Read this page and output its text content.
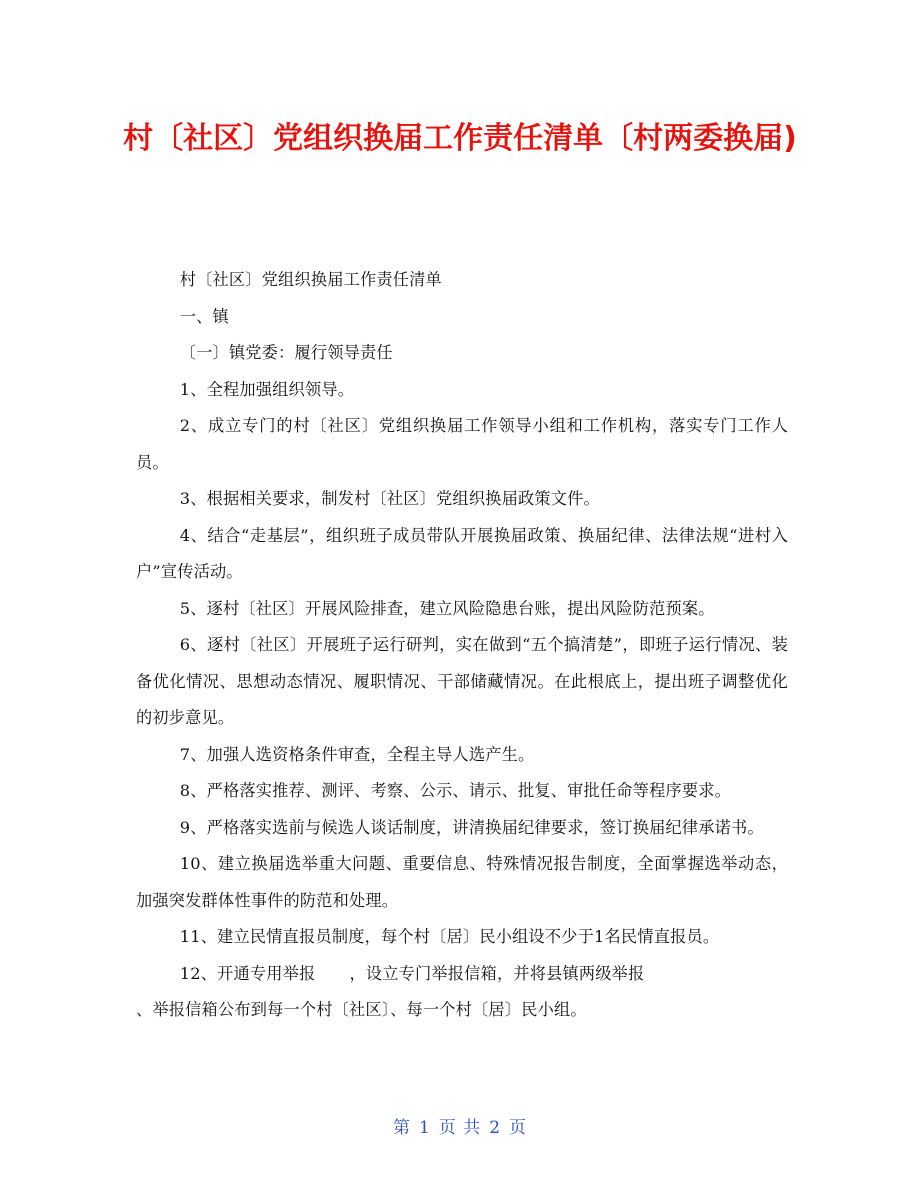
村〔社区〕党组织换届工作责任清单〔村两委换届)

村〔社区〕党组织换届工作责任清单

一、镇

〔一〕镇党委：履行领导责任

1、全程加强组织领导。

2、成立专门的村〔社区〕党组织换届工作领导小组和工作机构，落实专门工作人员。

3、根据相关要求，制发村〔社区〕党组织换届政策文件。

4、结合“走基层”，组织班子成员带队开展换届政策、换届纪律、法律法规“进村入户”宣传活动。

5、逐村〔社区〕开展风险排查，建立风险隐患台账，提出风险防范预案。

6、逐村〔社区〕开展班子运行研判，实在做到“五个搞清楚”，即班子运行情况、装备优化情况、思想动态情况、履职情况、干部储藏情况。在此根底上，提出班子调整优化的初步意见。

7、加强人选资格条件审查，全程主导人选产生。

8、严格落实推荐、测评、考察、公示、请示、批复、审批任命等程序要求。

9、严格落实选前与候选人谈话制度，讲清换届纪律要求，签订换届纪律承诺书。

10、建立换届选举重大问题、重要信息、特殊情况报告制度，全面掌握选举动态，加强突发群体性事件的防范和处理。

11、建立民情直报员制度，每个村〔居〕民小组设不少于1名民情直报员。

12、开通专用举报 ，设立专门举报信箱，并将县镇两级举报

、举报信箱公布到每一个村〔社区〕、每一个村〔居〕民小组。

第 1 页 共 2 页
